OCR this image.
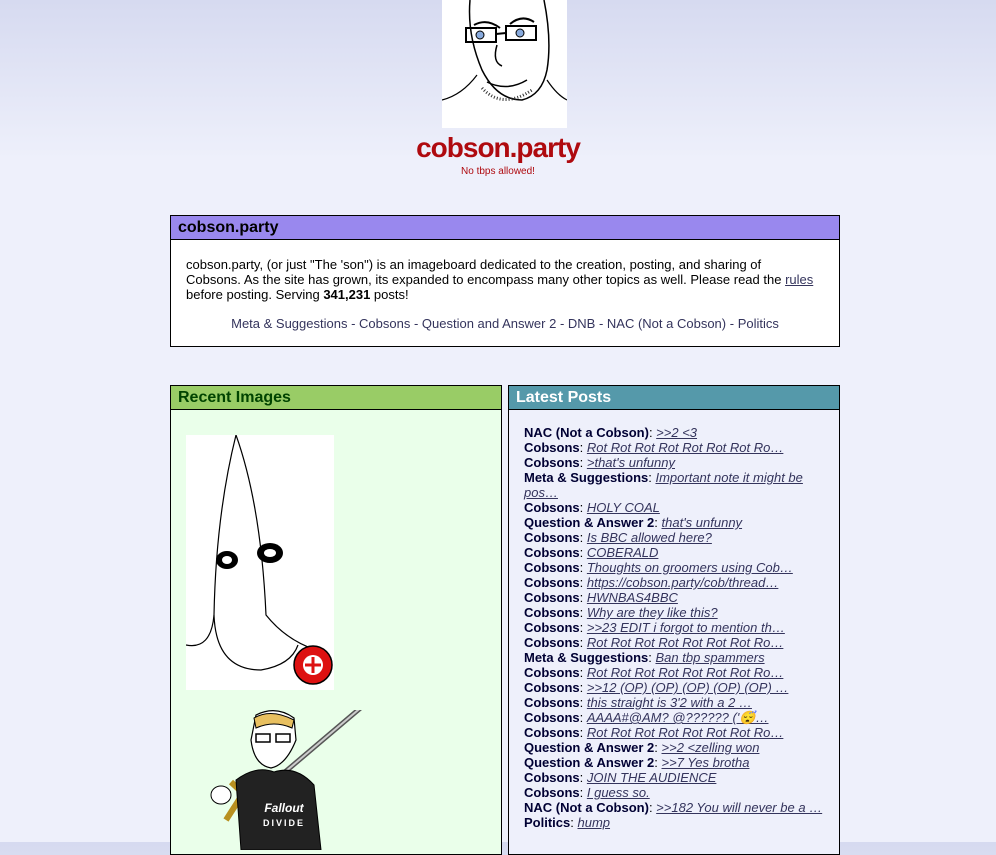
cobson.party
No tbps allowed!
cobson.party
cobson.party, (or just "The 'son") is an imageboard dedicated to the creation, posting, and sharing of Cobsons. As the site has grown, its expanded to encompass many other topics as well. Please read the rules before posting. Serving 341,231 posts!
Meta & Suggestions - Cobsons - Question and Answer 2 - DNB - NAC (Not a Cobson) - Politics
Recent Images
Fallout
DIVIDE
Latest Posts
NAC (Not a Cobson): >>2 <3
Cobsons: Rot Rot Rot Rot Rot Rot Rot Ro…
Cobsons: >that's unfunny
Meta & Suggestions: Important note it might be pos…
Cobsons: HOLY COAL
Question & Answer 2: that's unfunny
Cobsons: Is BBC allowed here?
Cobsons: COBERALD
Cobsons: Thoughts on groomers using Cob…
Cobsons: https://cobson.party/cob/thread…
Cobsons: HWNBAS4BBC
Cobsons: Why are they like this?
Cobsons: >>23 EDIT i forgot to mention th…
Cobsons: Rot Rot Rot Rot Rot Rot Rot Ro…
Meta & Suggestions: Ban tbp spammers
Cobsons: Rot Rot Rot Rot Rot Rot Rot Ro…
Cobsons: >>12 (OP) (OP) (OP) (OP) (OP) …
Cobsons: this straight is 3'2 with a 2 …
Cobsons: AAAA#@AM? @?????? ('😴…
Cobsons: Rot Rot Rot Rot Rot Rot Rot Ro…
Question & Answer 2: >>2 <zelling won
Question & Answer 2: >>7 Yes brotha
Cobsons: JOIN THE AUDIENCE
Cobsons: I guess so.
NAC (Not a Cobson): >>182 You will never be a …
Politics: hump
